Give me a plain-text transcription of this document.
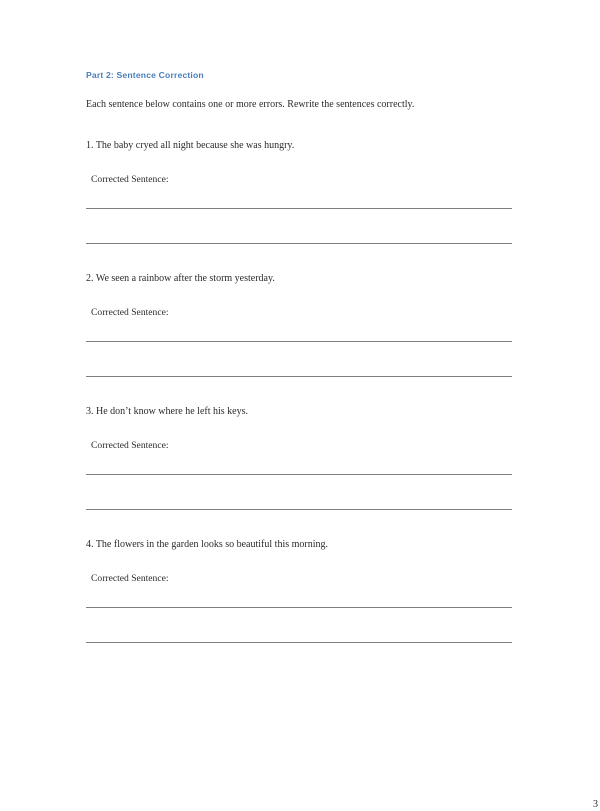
Part 2: Sentence Correction
Each sentence below contains one or more errors. Rewrite the sentences correctly.
1. The baby cryed all night because she was hungry.
Corrected Sentence:
2. We seen a rainbow after the storm yesterday.
Corrected Sentence:
3. He don’t know where he left his keys.
Corrected Sentence:
4. The flowers in the garden looks so beautiful this morning.
Corrected Sentence:
3
